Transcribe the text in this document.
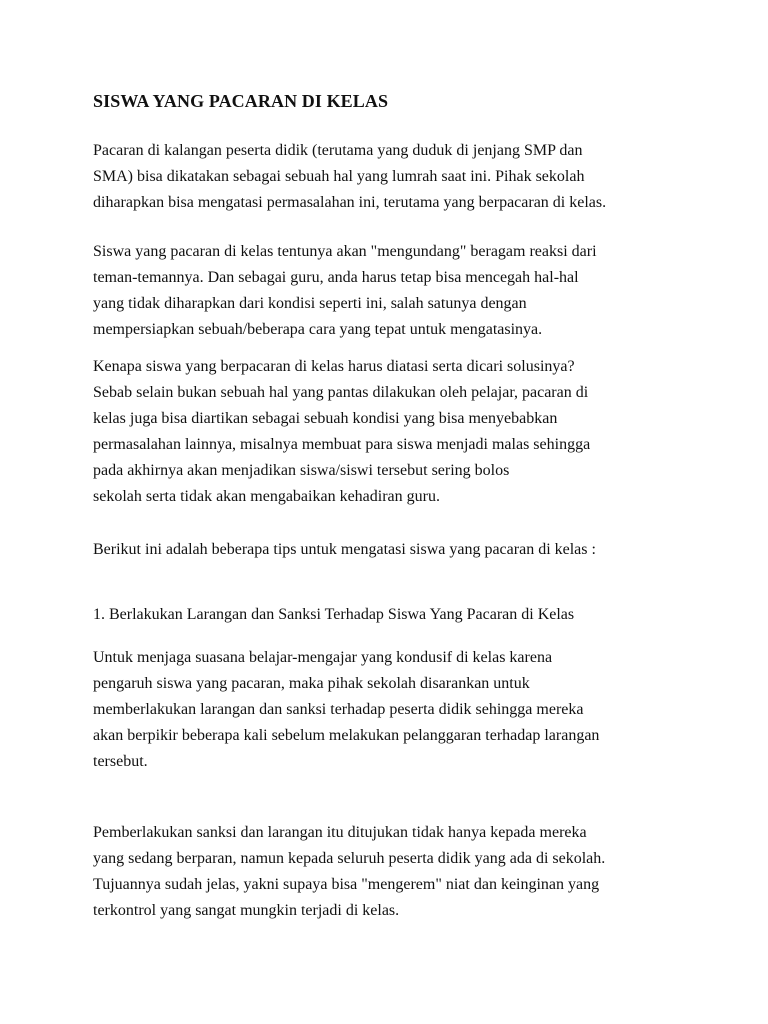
SISWA YANG PACARAN DI KELAS

Pacaran di kalangan peserta didik (terutama yang duduk di jenjang SMP dan
SMA) bisa dikatakan sebagai sebuah hal yang lumrah saat ini. Pihak sekolah
diharapkan bisa mengatasi permasalahan ini, terutama yang berpacaran di kelas.

Siswa yang pacaran di kelas tentunya akan "mengundang" beragam reaksi dari
teman-temannya. Dan sebagai guru, anda harus tetap bisa mencegah hal-hal
yang tidak diharapkan dari kondisi seperti ini, salah satunya dengan
mempersiapkan sebuah/beberapa cara yang tepat untuk mengatasinya.

Kenapa siswa yang berpacaran di kelas harus diatasi serta dicari solusinya?
Sebab selain bukan sebuah hal yang pantas dilakukan oleh pelajar, pacaran di
kelas juga bisa diartikan sebagai sebuah kondisi yang bisa menyebabkan
permasalahan lainnya, misalnya membuat para siswa menjadi malas sehingga
pada akhirnya akan menjadikan siswa/siswi tersebut sering bolos
sekolah serta tidak akan mengabaikan kehadiran guru.

Berikut ini adalah beberapa tips untuk mengatasi siswa yang pacaran di kelas :

1. Berlakukan Larangan dan Sanksi Terhadap Siswa Yang Pacaran di Kelas

Untuk menjaga suasana belajar-mengajar yang kondusif di kelas karena
pengaruh siswa yang pacaran, maka pihak sekolah disarankan untuk
memberlakukan larangan dan sanksi terhadap peserta didik sehingga mereka
akan berpikir beberapa kali sebelum melakukan pelanggaran terhadap larangan
tersebut.

Pemberlakukan sanksi dan larangan itu ditujukan tidak hanya kepada mereka
yang sedang berparan, namun kepada seluruh peserta didik yang ada di sekolah.
Tujuannya sudah jelas, yakni supaya bisa "mengerem" niat dan keinginan yang
terkontrol yang sangat mungkin terjadi di kelas.
